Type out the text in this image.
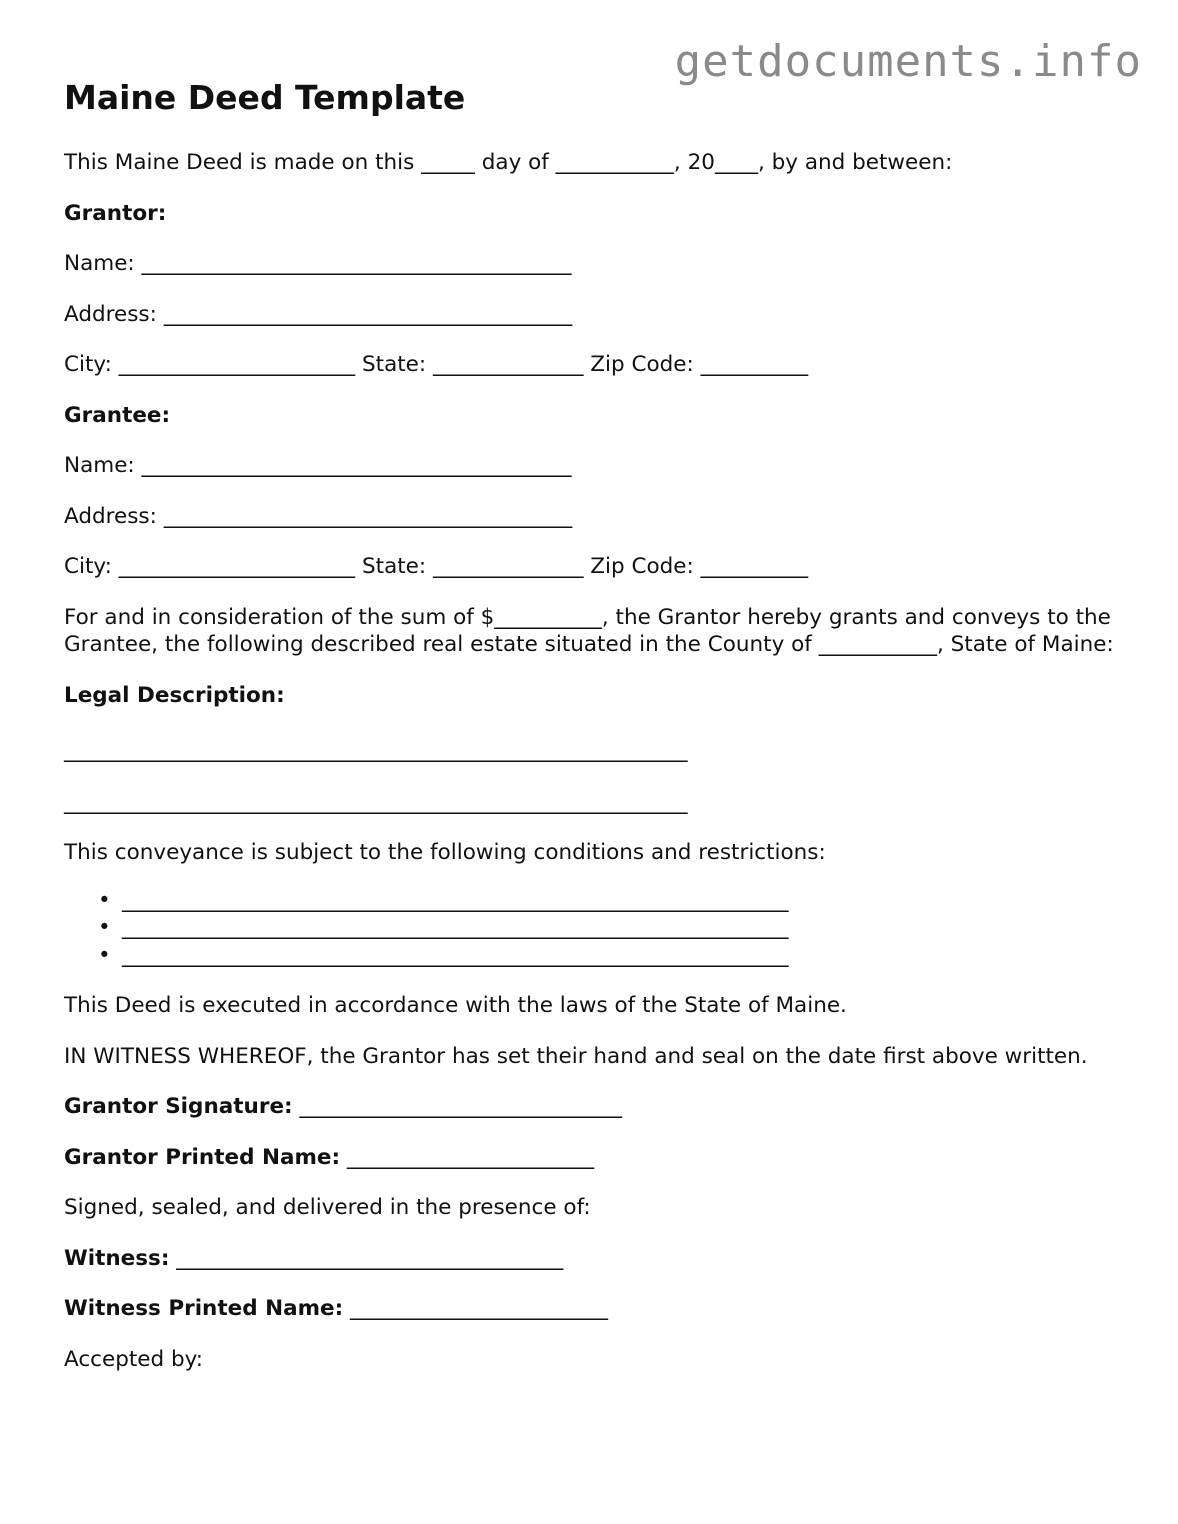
getdocuments.info
Maine Deed Template

This Maine Deed is made on this _____ day of ___________, 20____, by and between:

Grantor:

Name: ________________________________________

Address: ______________________________________

City: ______________________ State: ______________ Zip Code: __________

Grantee:

Name: ________________________________________

Address: ______________________________________

City: ______________________ State: ______________ Zip Code: __________

For and in consideration of the sum of $__________, the Grantor hereby grants and conveys to the Grantee, the following described real estate situated in the County of ___________, State of Maine:

Legal Description:

__________________________________________________________

__________________________________________________________

This conveyance is subject to the following conditions and restrictions:

• ______________________________________________________________
• ______________________________________________________________
• ______________________________________________________________

This Deed is executed in accordance with the laws of the State of Maine.

IN WITNESS WHEREOF, the Grantor has set their hand and seal on the date first above written.

Grantor Signature: ______________________________

Grantor Printed Name: _______________________

Signed, sealed, and delivered in the presence of:

Witness: ____________________________________

Witness Printed Name: ________________________

Accepted by:
